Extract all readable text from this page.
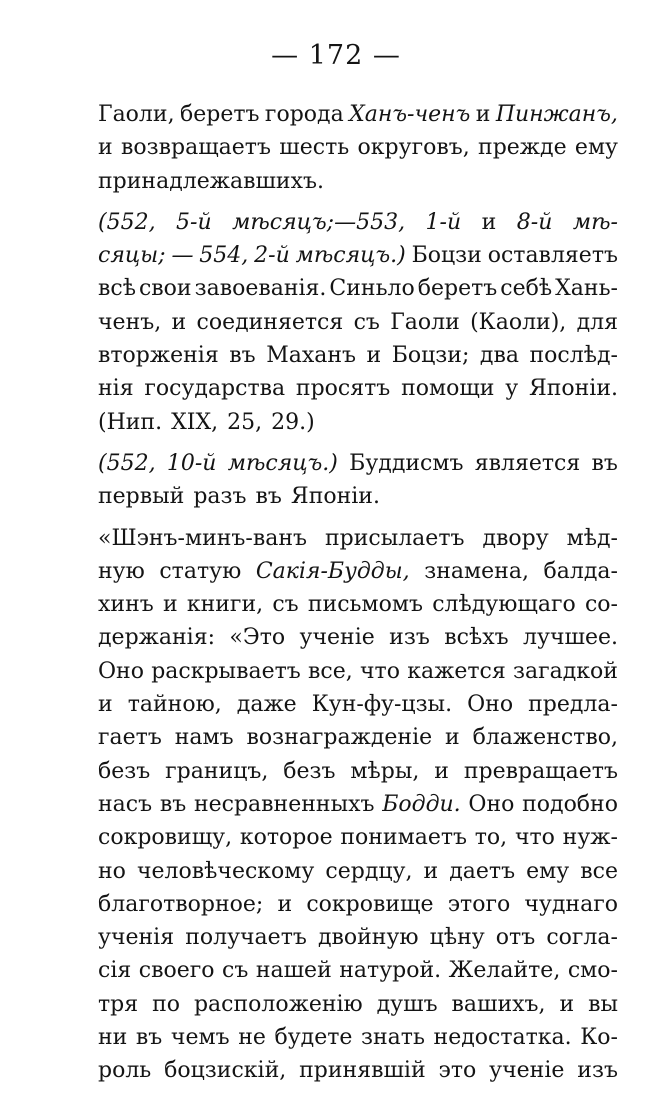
— 172 —
Гаоли, беретъ города Ханъ-ченъ и Пинжанъ,
и возвращаетъ шесть округовъ, прежде ему
принадлежавшихъ.
(552, 5-й мѣсяцъ;—553, 1-й и 8-й мѣ-
сяцы; — 554, 2-й мѣсяцъ.) Боцзи оставляетъ
всѣ свои завоеванія. Синьло беретъ себѣ Хань-
ченъ, и соединяется съ Гаоли (Каоли), для
вторженія въ Маханъ и Боцзи; два послѣд-
нія государства просятъ помощи у Японіи.
(Нип. XIX, 25, 29.)
(552, 10-й мѣсяцъ.) Буддисмъ является въ
первый разъ въ Японіи.
«Шэнъ-минъ-ванъ присылаетъ двору мѣд-
ную статую Сакія-Будды, знамена, балда-
хинъ и книги, съ письмомъ слѣдующаго со-
держанія: «Это ученіе изъ всѣхъ лучшее.
Оно раскрываетъ все, что кажется загадкой
и тайною, даже Кун-фу-цзы. Оно предла-
гаетъ намъ вознагражденіе и блаженство,
безъ границъ, безъ мѣры, и превращаетъ
насъ въ несравненныхъ Бодди. Оно подобно
сокровищу, которое понимаетъ то, что нуж-
но человѣческому сердцу, и даетъ ему все
благотворное; и сокровище этого чуднаго
ученія получаетъ двойную цѣну отъ согла-
сія своего съ нашей натурой. Желайте, смо-
тря по расположенію душъ вашихъ, и вы
ни въ чемъ не будете знать недостатка. Ко-
роль боцзискій, принявшій это ученіе изъ
